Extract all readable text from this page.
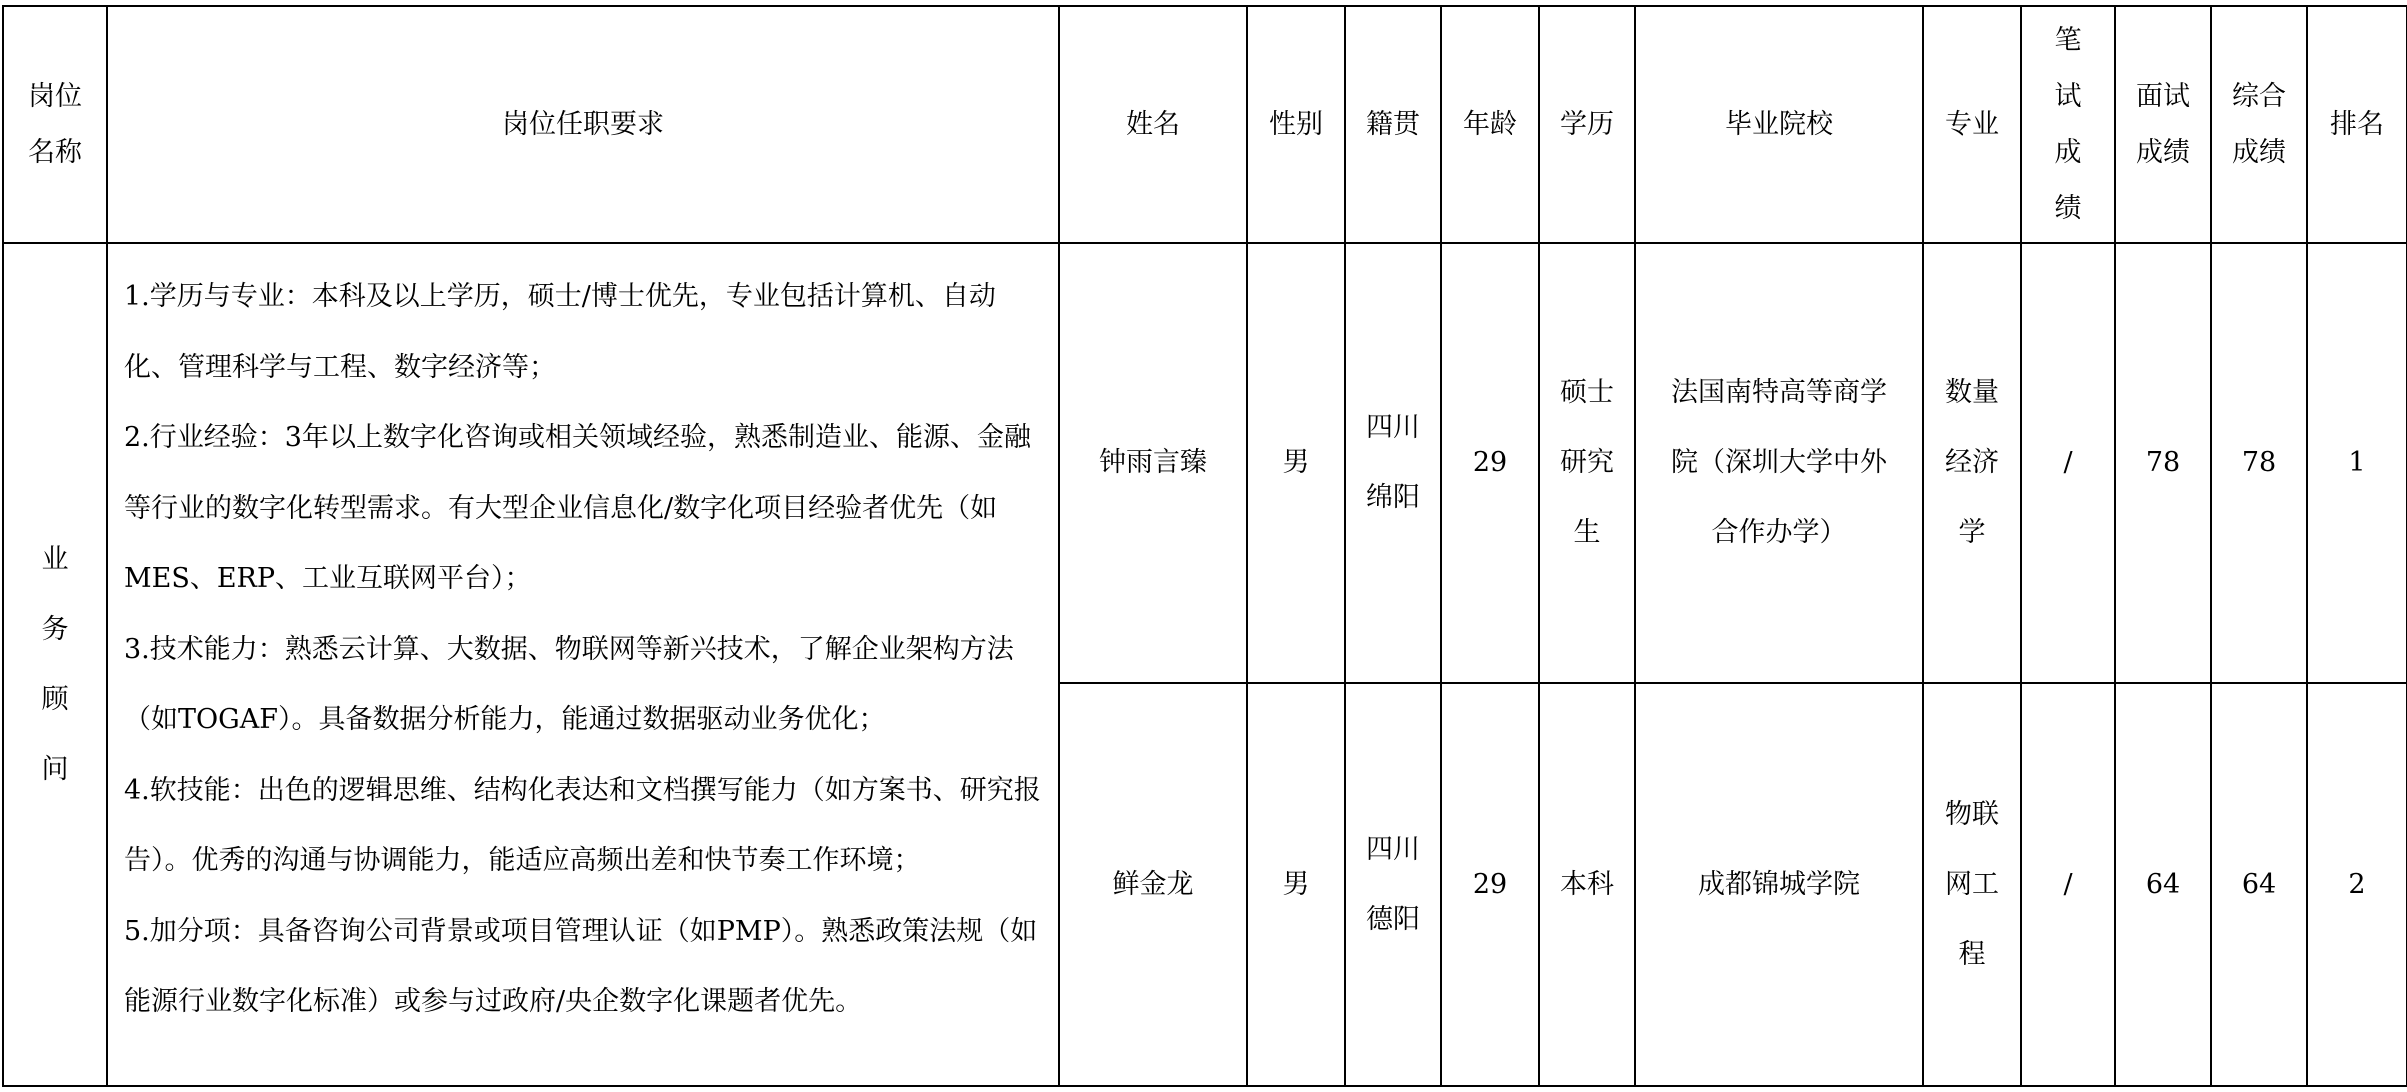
岗位名称	岗位任职要求	姓名	性别	籍贯	年龄	学历	毕业院校	专业	笔试成绩	面试成绩	综合成绩	排名
业务顾问	1.学历与专业：本科及以上学历，硕士/博士优先，专业包括计算机、自动化、管理科学与工程、数字经济等；

2.行业经验：3年以上数字化咨询或相关领域经验，熟悉制造业、能源、金融等行业的数字化转型需求。有大型企业信息化/数字化项目经验者优先（如MES、ERP、工业互联网平台）；

3.技术能力：熟悉云计算、大数据、物联网等新兴技术，了解企业架构方法（如TOGAF）。具备数据分析能力，能通过数据驱动业务优化；

4.软技能：出色的逻辑思维、结构化表达和文档撰写能力（如方案书、研究报告）。优秀的沟通与协调能力，能适应高频出差和快节奏工作环境；

5.加分项：具备咨询公司背景或项目管理认证（如PMP）。熟悉政策法规（如能源行业数字化标准）或参与过政府/央企数字化课题者优先。	钟雨言臻	男	四川绵阳	29	硕士研究生	法国南特高等商学院（深圳大学中外合作办学）	数量经济学	/	78	78	1
		鲜金龙	男	四川德阳	29	本科	成都锦城学院	物联网工程	/	64	64	2
